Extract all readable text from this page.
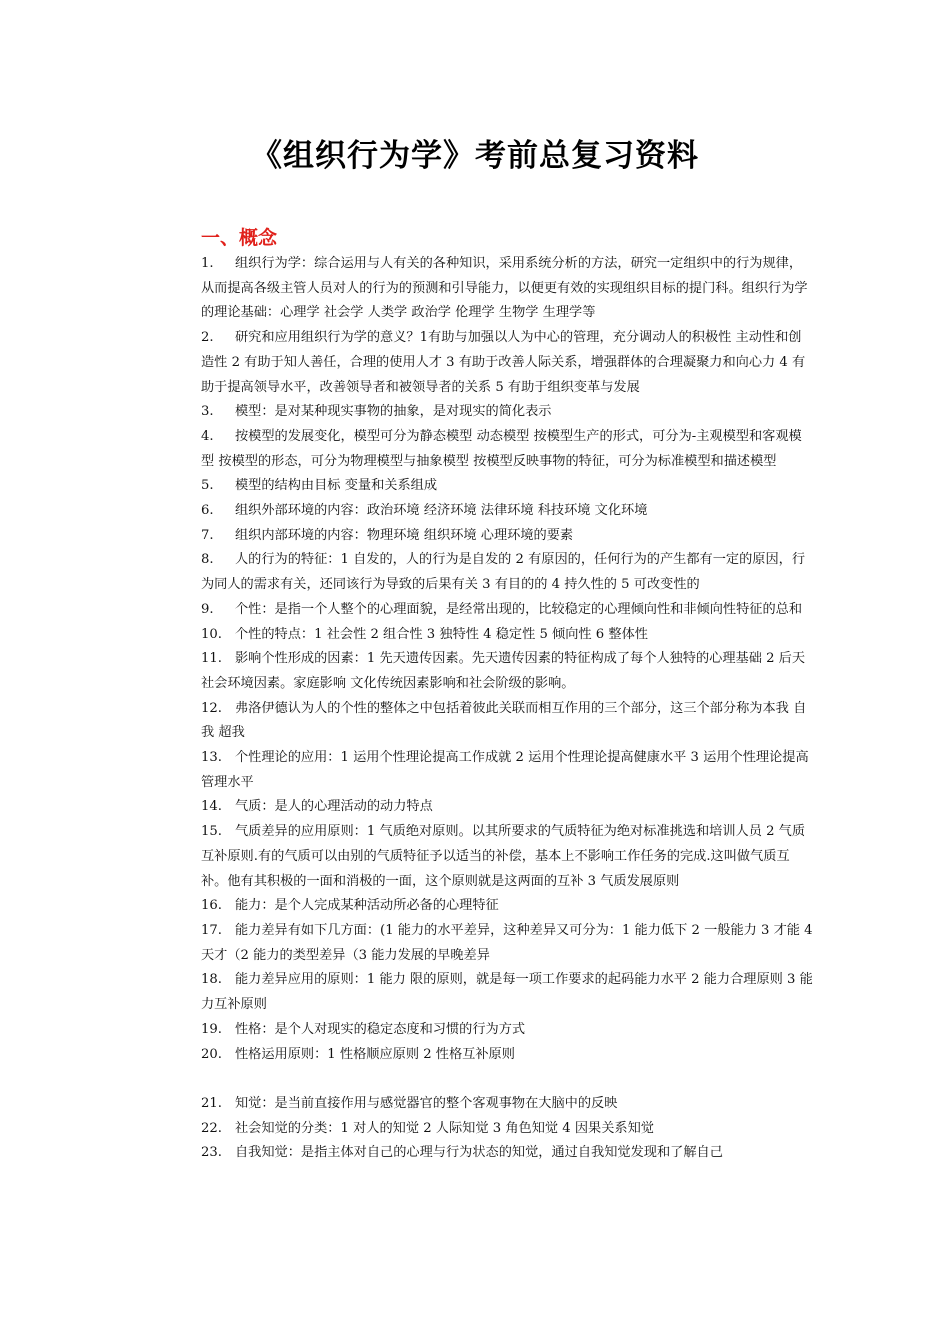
《组织行为学》考前总复习资料
一、概念
1. 组织行为学：综合运用与人有关的各种知识，采用系统分析的方法，研究一定组织中的行为规律，从而提高各级主管人员对人的行为的预测和引导能力，以便更有效的实现组织目标的提门科。组织行为学的理论基础：心理学 社会学 人类学 政治学 伦理学 生物学 生理学等
2. 研究和应用组织行为学的意义？1有助与加强以人为中心的管理，充分调动人的积极性 主动性和创造性 2 有助于知人善任，合理的使用人才 3 有助于改善人际关系，增强群体的合理凝聚力和向心力 4 有助于提高领导水平，改善领导者和被领导者的关系 5 有助于组织变革与发展
3. 模型：是对某种现实事物的抽象，是对现实的简化表示
4. 按模型的发展变化，模型可分为静态模型 动态模型 按模型生产的形式，可分为-主观模型和客观模型 按模型的形态，可分为物理模型与抽象模型 按模型反映事物的特征，可分为标准模型和描述模型
5. 模型的结构由目标 变量和关系组成
6. 组织外部环境的内容：政治环境 经济环境 法律环境 科技环境 文化环境
7. 组织内部环境的内容：物理环境 组织环境 心理环境的要素
8. 人的行为的特征：1 自发的，人的行为是自发的 2 有原因的，任何行为的产生都有一定的原因，行为同人的需求有关，还同该行为导致的后果有关 3 有目的的 4 持久性的 5 可改变性的
9. 个性：是指一个人整个的心理面貌，是经常出现的，比较稳定的心理倾向性和非倾向性特征的总和
10. 个性的特点：1 社会性 2 组合性 3 独特性 4 稳定性 5 倾向性 6 整体性
11. 影响个性形成的因素：1 先天遗传因素。先天遗传因素的特征构成了每个人独特的心理基础 2 后天社会环境因素。家庭影响 文化传统因素影响和社会阶级的影响。
12. 弗洛伊德认为人的个性的整体之中包括着彼此关联而相互作用的三个部分，这三个部分称为本我 自我 超我
13. 个性理论的应用：1 运用个性理论提高工作成就 2 运用个性理论提高健康水平 3 运用个性理论提高管理水平
14. 气质：是人的心理活动的动力特点
15. 气质差异的应用原则：1 气质绝对原则。以其所要求的气质特征为绝对标准挑选和培训人员 2 气质互补原则.有的气质可以由别的气质特征予以适当的补偿，基本上不影响工作任务的完成.这叫做气质互补。他有其积极的一面和消极的一面，这个原则就是这两面的互补 3 气质发展原则
16. 能力：是个人完成某种活动所必备的心理特征
17. 能力差异有如下几方面：(1 能力的水平差异，这种差异又可分为：1 能力低下 2 一般能力 3 才能 4 天才（2 能力的类型差异（3 能力发展的早晚差异
18. 能力差异应用的原则：1 能力 限的原则，就是每一项工作要求的起码能力水平 2 能力合理原则 3 能力互补原则
19. 性格：是个人对现实的稳定态度和习惯的行为方式
20. 性格运用原则：1 性格顺应原则 2 性格互补原则
21. 知觉：是当前直接作用与感觉器官的整个客观事物在大脑中的反映
22. 社会知觉的分类：1 对人的知觉 2 人际知觉 3 角色知觉 4 因果关系知觉
23. 自我知觉：是指主体对自己的心理与行为状态的知觉，通过自我知觉发现和了解自己
